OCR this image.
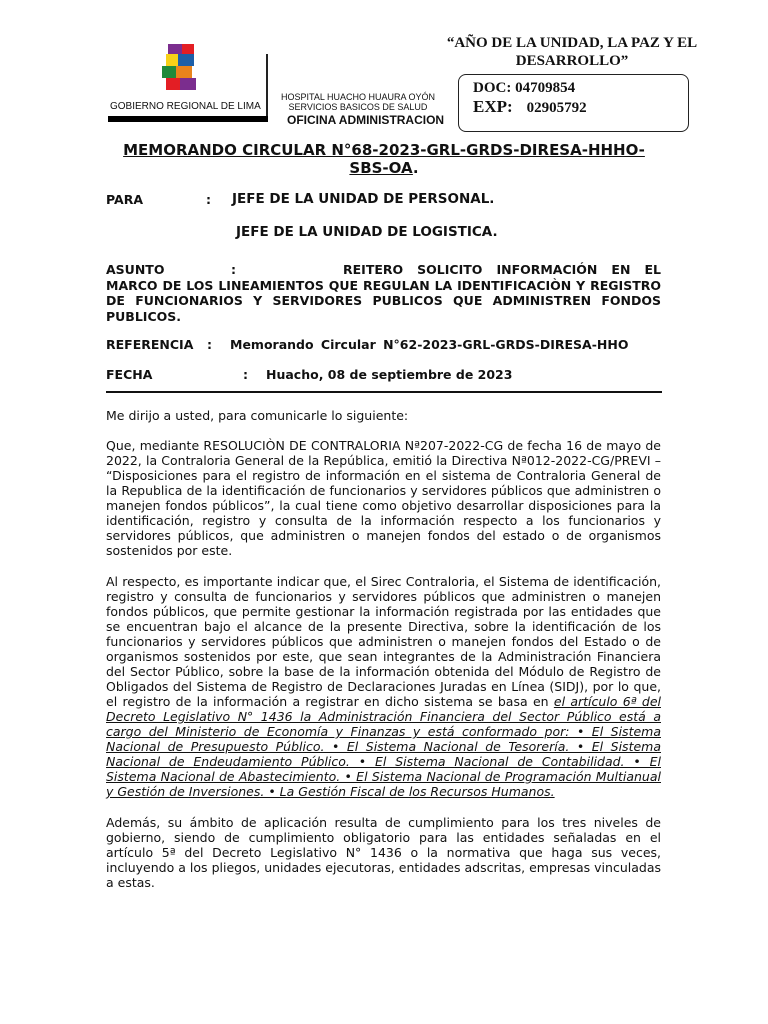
GOBIERNO REGIONAL DE LIMA
“AÑO DE LA UNIDAD, LA PAZ Y EL
DESARROLLO”
HOSPITAL HUACHO HUAURA OYÓN
SERVICIOS BASICOS DE SALUD
OFICINA ADMINISTRACION
DOC: 04709854
EXP: 02905792
MEMORANDO CIRCULAR N°68-2023-GRL-GRDS-DIRESA-HHHO-SBS-OA.
PARA	: JEFE DE LA UNIDAD DE PERSONAL.
JEFE DE LA UNIDAD DE LOGISTICA.
ASUNTO	:	REITERO SOLICITO INFORMACIÓN EN EL MARCO DE LOS LINEAMIENTOS QUE REGULAN LA IDENTIFICACIÒN Y REGISTRO DE FUNCIONARIOS Y SERVIDORES PUBLICOS QUE ADMINISTREN FONDOS PUBLICOS.
REFERENCIA : Memorando Circular N°62-2023-GRL-GRDS-DIRESA-HHO
FECHA	: Huacho, 08 de septiembre de 2023
Me dirijo a usted, para comunicarle lo siguiente:
Que, mediante RESOLUCIÒN DE CONTRALORIA Nª207-2022-CG de fecha 16 de mayo de 2022, la Contraloria General de la República, emitió la Directiva Nª012-2022-CG/PREVI – “Disposiciones para el registro de información en el sistema de Contraloria General de la Republica de la identificación de funcionarios y servidores públicos que administren o manejen fondos públicos”, la cual tiene como objetivo desarrollar disposiciones para la identificación, registro y consulta de la información respecto a los funcionarios y servidores públicos, que administren o manejen fondos del estado o de organismos sostenidos por este.
Al respecto, es importante indicar que, el Sirec Contraloria, el Sistema de identificación, registro y consulta de funcionarios y servidores públicos que administren o manejen fondos públicos, que permite gestionar la información registrada por las entidades que se encuentran bajo el alcance de la presente Directiva, sobre la identificación de los funcionarios y servidores públicos que administren o manejen fondos del Estado o de organismos sostenidos por este, que sean integrantes de la Administración Financiera del Sector Público, sobre la base de la información obtenida del Módulo de Registro de Obligados del Sistema de Registro de Declaraciones Juradas en Línea (SIDJ), por lo que, el registro de la información a registrar en dicho sistema se basa en el artículo 6ª del Decreto Legislativo N° 1436 la Administración Financiera del Sector Público está a cargo del Ministerio de Economía y Finanzas y está conformado por: • El Sistema Nacional de Presupuesto Público. • El Sistema Nacional de Tesorería. • El Sistema Nacional de Endeudamiento Público. • El Sistema Nacional de Contabilidad. • El Sistema Nacional de Abastecimiento. • El Sistema Nacional de Programación Multianual y Gestión de Inversiones. • La Gestión Fiscal de los Recursos Humanos.
Además, su ámbito de aplicación resulta de cumplimiento para los tres niveles de gobierno, siendo de cumplimiento obligatorio para las entidades señaladas en el artículo 5ª del Decreto Legislativo N° 1436 o la normativa que haga sus veces, incluyendo a los pliegos, unidades ejecutoras, entidades adscritas, empresas vinculadas a estas.
